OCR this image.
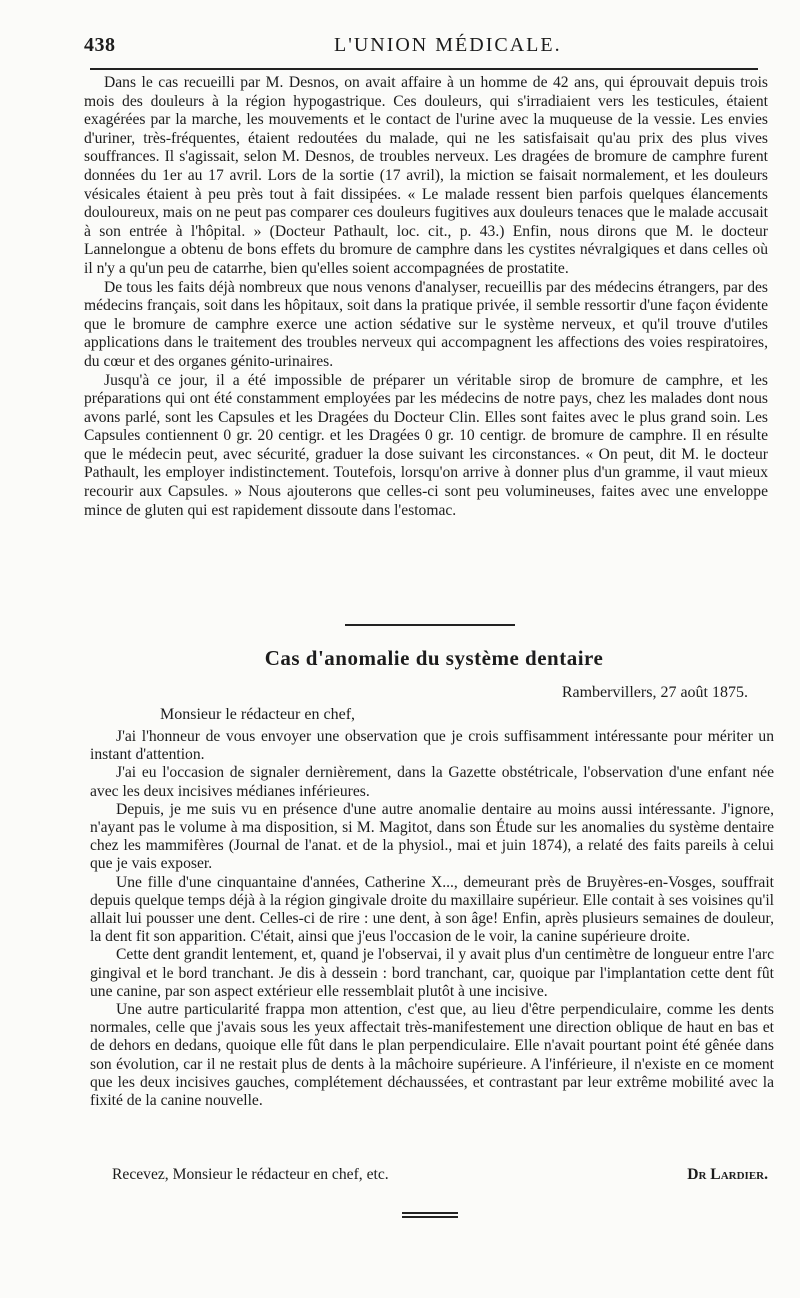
438	L'UNION MÉDICALE.

Dans le cas recueilli par M. Desnos, on avait affaire à un homme de 42 ans, qui éprouvait depuis trois mois des douleurs à la région hypogastrique. Ces douleurs, qui s'irradiaient vers les testicules, étaient exagérées par la marche, les mouvements et le contact de l'urine avec la muqueuse de la vessie. Les envies d'uriner, très-fréquentes, étaient redoutées du malade, qui ne les satisfaisait qu'au prix des plus vives souffrances. Il s'agissait, selon M. Desnos, de troubles nerveux. Les dragées de bromure de camphre furent données du 1er au 17 avril. Lors de la sortie (17 avril), la miction se faisait normalement, et les douleurs vésicales étaient à peu près tout à fait dissipées. « Le malade ressent bien parfois quelques élancements douloureux, mais on ne peut pas comparer ces douleurs fugitives aux douleurs tenaces que le malade accusait à son entrée à l'hôpital. » (Docteur Pathault, loc. cit., p. 43.) Enfin, nous dirons que M. le docteur Lannelongue a obtenu de bons effets du bromure de camphre dans les cystites névralgiques et dans celles où il n'y a qu'un peu de catarrhe, bien qu'elles soient accompagnées de prostatite.

De tous les faits déjà nombreux que nous venons d'analyser, recueillis par des médecins étrangers, par des médecins français, soit dans les hôpitaux, soit dans la pratique privée, il semble ressortir d'une façon évidente que le bromure de camphre exerce une action sédative sur le système nerveux, et qu'il trouve d'utiles applications dans le traitement des troubles nerveux qui accompagnent les affections des voies respiratoires, du cœur et des organes génito-urinaires.

Jusqu'à ce jour, il a été impossible de préparer un véritable sirop de bromure de camphre, et les préparations qui ont été constamment employées par les médecins de notre pays, chez les malades dont nous avons parlé, sont les Capsules et les Dragées du Docteur Clin. Elles sont faites avec le plus grand soin. Les Capsules contiennent 0 gr. 20 centigr. et les Dragées 0 gr. 10 centigr. de bromure de camphre. Il en résulte que le médecin peut, avec sécurité, graduer la dose suivant les circonstances. « On peut, dit M. le docteur Pathault, les employer indistinctement. Toutefois, lorsqu'on arrive à donner plus d'un gramme, il vaut mieux recourir aux Capsules. » Nous ajouterons que celles-ci sont peu volumineuses, faites avec une enveloppe mince de gluten qui est rapidement dissoute dans l'estomac.

Cas d'anomalie du système dentaire
Rambervillers, 27 août 1875.
Monsieur le rédacteur en chef,

J'ai l'honneur de vous envoyer une observation que je crois suffisamment intéressante pour mériter un instant d'attention.

J'ai eu l'occasion de signaler dernièrement, dans la Gazette obstétricale, l'observation d'une enfant née avec les deux incisives médianes inférieures.

Depuis, je me suis vu en présence d'une autre anomalie dentaire au moins aussi intéressante. J'ignore, n'ayant pas le volume à ma disposition, si M. Magitot, dans son Étude sur les anomalies du système dentaire chez les mammifères (Journal de l'anat. et de la physiol., mai et juin 1874), a relaté des faits pareils à celui que je vais exposer.

Une fille d'une cinquantaine d'années, Catherine X..., demeurant près de Bruyères-en-Vosges, souffrait depuis quelque temps déjà à la région gingivale droite du maxillaire supérieur. Elle contait à ses voisines qu'il allait lui pousser une dent. Celles-ci de rire : une dent, à son âge! Enfin, après plusieurs semaines de douleur, la dent fit son apparition. C'était, ainsi que j'eus l'occasion de le voir, la canine supérieure droite.

Cette dent grandit lentement, et, quand je l'observai, il y avait plus d'un centimètre de longueur entre l'arc gingival et le bord tranchant. Je dis à dessein : bord tranchant, car, quoique par l'implantation cette dent fût une canine, par son aspect extérieur elle ressemblait plutôt à une incisive.

Une autre particularité frappa mon attention, c'est que, au lieu d'être perpendiculaire, comme les dents normales, celle que j'avais sous les yeux affectait très-manifestement une direction oblique de haut en bas et de dehors en dedans, quoique elle fût dans le plan perpendiculaire. Elle n'avait pourtant point été gênée dans son évolution, car il ne restait plus de dents à la mâchoire supérieure. A l'inférieure, il n'existe en ce moment que les deux incisives gauches, complétement déchaussées, et contrastant par leur extrême mobilité avec la fixité de la canine nouvelle.

Recevez, Monsieur le rédacteur en chef, etc.	Dr Lardier.
